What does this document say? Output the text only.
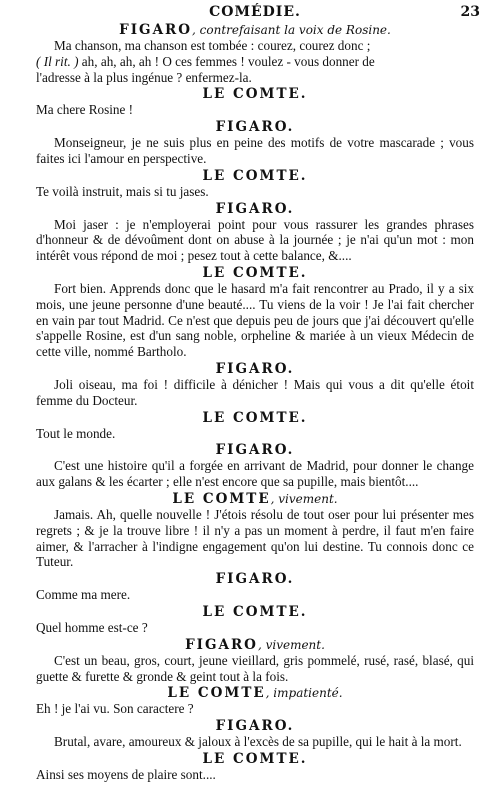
COMÉDIE.	23
FIGARO, contrefaisant la voix de Rosine.
Ma chanson, ma chanson est tombée : courez, courez donc ;
( Il rit. ) ah, ah, ah, ah ! O ces femmes ! voulez - vous donner de
l'adresse à la plus ingénue ? enfermez-la.
LE COMTE.
Ma chere Rosine !
FIGARO.
Monseigneur, je ne suis plus en peine des motifs de votre mascarade ; vous faites ici l'amour en perspective.
LE COMTE.
Te voilà instruit, mais si tu jases.
FIGARO.
Moi jaser : je n'employerai point pour vous rassurer les grandes phrases d'honneur & de dévoûment dont on abuse à la journée ; je n'ai qu'un mot : mon intérêt vous répond de moi ; pesez tout à cette balance, &....
LE COMTE.
Fort bien. Apprends donc que le hasard m'a fait rencontrer au Prado, il y a six mois, une jeune personne d'une beauté.... Tu viens de la voir ! Je l'ai fait chercher en vain par tout Madrid. Ce n'est que depuis peu de jours que j'ai découvert qu'elle s'appelle Rosine, est d'un sang noble, orpheline & mariée à un vieux Médecin de cette ville, nommé Bartholo.
FIGARO.
Joli oiseau, ma foi ! difficile à dénicher ! Mais qui vous a dit qu'elle étoit femme du Docteur.
LE COMTE.
Tout le monde.
FIGARO.
C'est une histoire qu'il a forgée en arrivant de Madrid, pour donner le change aux galans & les écarter ; elle n'est encore que sa pupille, mais bientôt....
LE COMTE, vivement.
Jamais. Ah, quelle nouvelle ! J'étois résolu de tout oser pour lui présenter mes regrets ; & je la trouve libre ! il n'y a pas un moment à perdre, il faut m'en faire aimer, & l'arracher à l'indigne engagement qu'on lui destine. Tu connois donc ce Tuteur.
FIGARO.
Comme ma mere.
LE COMTE.
Quel homme est-ce ?
FIGARO, vivement.
C'est un beau, gros, court, jeune vieillard, gris pommelé, rusé, rasé, blasé, qui guette & furette & gronde & geint tout à la fois.
LE COMTE, impatienté.
Eh ! je l'ai vu. Son caractere ?
FIGARO.
Brutal, avare, amoureux & jaloux à l'excès de sa pupille, qui le hait à la mort.
LE COMTE.
Ainsi ses moyens de plaire sont....
